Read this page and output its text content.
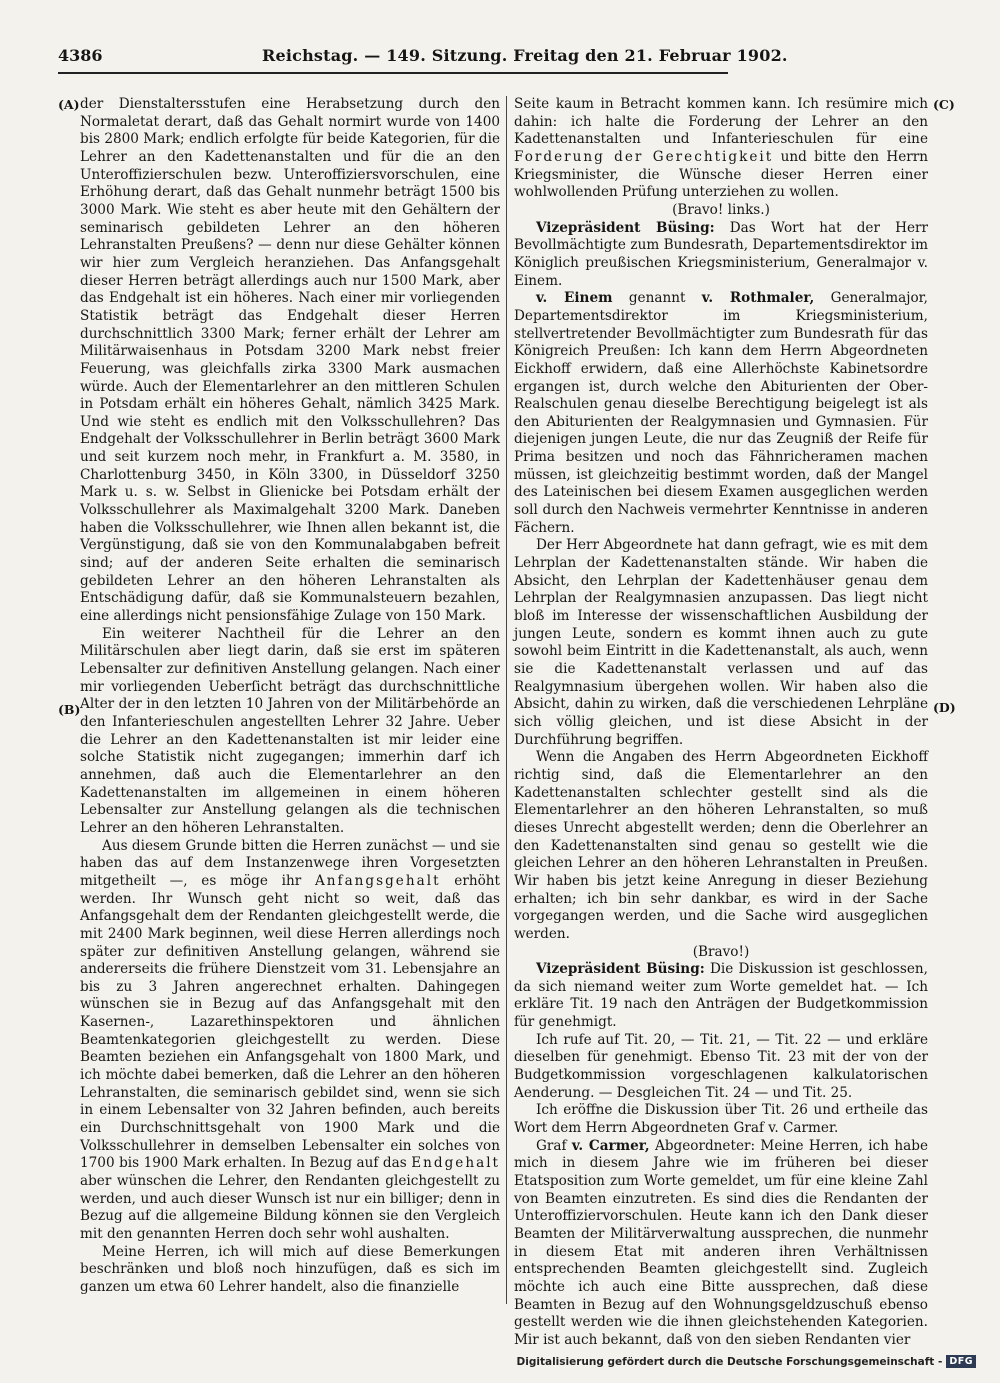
4386	Reichstag. — 149. Sitzung. Freitag den 21. Februar 1902.
(A)
(B)
(C)
(D)

der Dienstaltersstufen eine Herabsetzung durch den Normaletat derart, daß das Gehalt normirt wurde von 1400 bis 2800 Mark; endlich erfolgte für beide Kategorien, für die Lehrer an den Kadettenanstalten und für die an den Unteroffizierschulen bezw. Unteroffiziersvorschulen, eine Erhöhung derart, daß das Gehalt nunmehr beträgt 1500 bis 3000 Mark. Wie steht es aber heute mit den Gehältern der seminarisch gebildeten Lehrer an den höheren Lehranstalten Preußens? — denn nur diese Gehälter können wir hier zum Vergleich heranziehen. Das Anfangsgehalt dieser Herren beträgt allerdings auch nur 1500 Mark, aber das Endgehalt ist ein höheres. Nach einer mir vorliegenden Statistik beträgt das Endgehalt dieser Herren durchschnittlich 3300 Mark; ferner erhält der Lehrer am Militärwaisenhaus in Potsdam 3200 Mark nebst freier Feuerung, was gleichfalls zirka 3300 Mark ausmachen würde. Auch der Elementarlehrer an den mittleren Schulen in Potsdam erhält ein höheres Gehalt, nämlich 3425 Mark. Und wie steht es endlich mit den Volksschullehren? Das Endgehalt der Volksschullehrer in Berlin beträgt 3600 Mark und seit kurzem noch mehr, in Frankfurt a. M. 3580, in Charlottenburg 3450, in Köln 3300, in Düsseldorf 3250 Mark u. s. w. Selbst in Glienicke bei Potsdam erhält der Volksschullehrer als Maximalgehalt 3200 Mark. Daneben haben die Volksschullehrer, wie Ihnen allen bekannt ist, die Vergünstigung, daß sie von den Kommunalabgaben befreit sind; auf der anderen Seite erhalten die seminarisch gebildeten Lehrer an den höheren Lehranstalten als Entschädigung dafür, daß sie Kommunalsteuern bezahlen, eine allerdings nicht pensionsfähige Zulage von 150 Mark.

Ein weiterer Nachtheil für die Lehrer an den Militärschulen aber liegt darin, daß sie erst im späteren Lebensalter zur definitiven Anstellung gelangen. Nach einer mir vorliegenden Ueberſicht beträgt das durchschnittliche Alter der in den letzten 10 Jahren von der Militärbehörde an den Infanterieschulen angestellten Lehrer 32 Jahre. Ueber die Lehrer an den Kadettenanstalten ist mir leider eine solche Statistik nicht zugegangen; immerhin darf ich annehmen, daß auch die Elementarlehrer an den Kadettenanstalten im allgemeinen in einem höheren Lebensalter zur Anstellung gelangen als die technischen Lehrer an den höheren Lehranstalten.

Aus diesem Grunde bitten die Herren zunächst — und sie haben das auf dem Instanzenwege ihren Vorgesetzten mitgetheilt —, es möge ihr Anfangsgehalt erhöht werden. Ihr Wunsch geht nicht so weit, daß das Anfangsgehalt dem der Rendanten gleichgestellt werde, die mit 2400 Mark beginnen, weil diese Herren allerdings noch später zur definitiven Anstellung gelangen, während sie andererseits die frühere Dienstzeit vom 31. Lebensjahre an bis zu 3 Jahren angerechnet erhalten. Dahingegen wünschen sie in Bezug auf das Anfangsgehalt mit den Kasernen-, Lazarethinspektoren und ähnlichen Beamtenkategorien gleichgestellt zu werden. Diese Beamten beziehen ein Anfangsgehalt von 1800 Mark, und ich möchte dabei bemerken, daß die Lehrer an den höheren Lehranstalten, die seminarisch gebildet sind, wenn sie sich in einem Lebensalter von 32 Jahren befinden, auch bereits ein Durchschnittsgehalt von 1900 Mark und die Volksschullehrer in demselben Lebensalter ein solches von 1700 bis 1900 Mark erhalten. In Bezug auf das Endgehalt aber wünschen die Lehrer, den Rendanten gleichgestellt zu werden, und auch dieser Wunsch ist nur ein billiger; denn in Bezug auf die allgemeine Bildung können sie den Vergleich mit den genannten Herren doch sehr wohl aushalten.

Meine Herren, ich will mich auf diese Bemerkungen beschränken und bloß noch hinzufügen, daß es sich im ganzen um etwa 60 Lehrer handelt, also die finanzielle

Seite kaum in Betracht kommen kann. Ich resümire mich dahin: ich halte die Forderung der Lehrer an den Kadettenanstalten und Infanterieschulen für eine Forderung der Gerechtigkeit und bitte den Herrn Kriegsminister, die Wünsche dieser Herren einer wohlwollenden Prüfung unterziehen zu wollen.

(Bravo! links.)

Vizepräsident Büsing: Das Wort hat der Herr Bevollmächtigte zum Bundesrath, Departementsdirektor im Königlich preußischen Kriegsministerium, Generalmajor v. Einem.

v. Einem genannt v. Rothmaler, Generalmajor, Departementsdirektor im Kriegsministerium, stellvertretender Bevollmächtigter zum Bundesrath für das Königreich Preußen: Ich kann dem Herrn Abgeordneten Eickhoff erwidern, daß eine Allerhöchste Kabinetsordre ergangen ist, durch welche den Abiturienten der Ober-Realschulen genau dieselbe Berechtigung beigelegt ist als den Abiturienten der Realgymnasien und Gymnasien. Für diejenigen jungen Leute, die nur das Zeugniß der Reife für Prima besitzen und noch das Fähnricheramen machen müssen, ist gleichzeitig bestimmt worden, daß der Mangel des Lateinischen bei diesem Examen ausgeglichen werden soll durch den Nachweis vermehrter Kenntnisse in anderen Fächern.

Der Herr Abgeordnete hat dann gefragt, wie es mit dem Lehrplan der Kadettenanstalten stände. Wir haben die Absicht, den Lehrplan der Kadettenhäuser genau dem Lehrplan der Realgymnasien anzupassen. Das liegt nicht bloß im Interesse der wissenschaftlichen Ausbildung der jungen Leute, sondern es kommt ihnen auch zu gute sowohl beim Eintritt in die Kadettenanstalt, als auch, wenn sie die Kadettenanstalt verlassen und auf das Realgymnasium übergehen wollen. Wir haben also die Absicht, dahin zu wirken, daß die verschiedenen Lehrpläne sich völlig gleichen, und ist diese Absicht in der Durchführung begriffen.

Wenn die Angaben des Herrn Abgeordneten Eickhoff richtig sind, daß die Elementarlehrer an den Kadettenanstalten schlechter gestellt sind als die Elementarlehrer an den höheren Lehranstalten, so muß dieses Unrecht abgestellt werden; denn die Oberlehrer an den Kadettenanstalten sind genau so gestellt wie die gleichen Lehrer an den höheren Lehranstalten in Preußen. Wir haben bis jetzt keine Anregung in dieser Beziehung erhalten; ich bin sehr dankbar, es wird in der Sache vorgegangen werden, und die Sache wird ausgeglichen werden.

(Bravo!)

Vizepräsident Büsing: Die Diskussion ist geschlossen, da sich niemand weiter zum Worte gemeldet hat. — Ich erkläre Tit. 19 nach den Anträgen der Budgetkommission für genehmigt.

Ich rufe auf Tit. 20, — Tit. 21, — Tit. 22 — und erkläre dieselben für genehmigt. Ebenso Tit. 23 mit der von der Budgetkommission vorgeschlagenen kalkulatorischen Aenderung. — Desgleichen Tit. 24 — und Tit. 25.

Ich eröffne die Diskussion über Tit. 26 und ertheile das Wort dem Herrn Abgeordneten Graf v. Carmer.

Graf v. Carmer, Abgeordneter: Meine Herren, ich habe mich in diesem Jahre wie im früheren bei dieser Etatsposition zum Worte gemeldet, um für eine kleine Zahl von Beamten einzutreten. Es sind dies die Rendanten der Unteroffiziervorschulen. Heute kann ich den Dank dieser Beamten der Militärverwaltung aussprechen, die nunmehr in diesem Etat mit anderen ihren Verhältnissen entsprechenden Beamten gleichgestellt sind. Zugleich möchte ich auch eine Bitte aussprechen, daß diese Beamten in Bezug auf den Wohnungsgeldzuschuß ebenso gestellt werden wie die ihnen gleichstehenden Kategorien. Mir ist auch bekannt, daß von den sieben Rendanten vier

Digitalisierung gefördert durch die Deutsche Forschungsgemeinschaft - DFG
